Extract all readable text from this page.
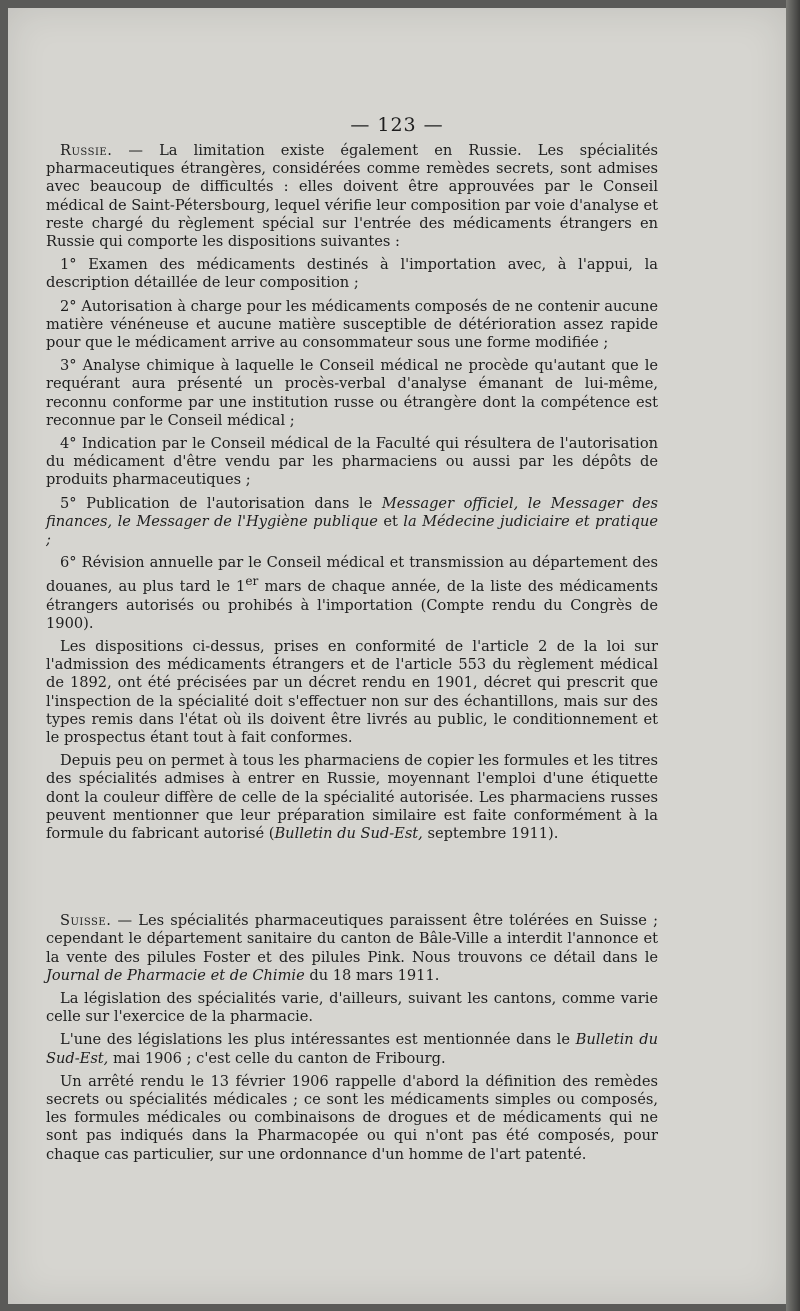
— 123 —

Russie. — La limitation existe également en Russie. Les spécialités pharmaceutiques étrangères, considérées comme remèdes secrets, sont admises avec beaucoup de difficultés : elles doivent être approuvées par le Conseil médical de Saint-Pétersbourg, lequel vérifie leur composition par voie d'analyse et reste chargé du règlement spécial sur l'entrée des médicaments étrangers en Russie qui comporte les dispositions suivantes :

1° Examen des médicaments destinés à l'importation avec, à l'appui, la description détaillée de leur composition ;

2° Autorisation à charge pour les médicaments composés de ne contenir aucune matière vénéneuse et aucune matière susceptible de détérioration assez rapide pour que le médicament arrive au consommateur sous une forme modifiée ;

3° Analyse chimique à laquelle le Conseil médical ne procède qu'autant que le requérant aura présenté un procès-verbal d'analyse émanant de lui-même, reconnu conforme par une institution russe ou étrangère dont la compétence est reconnue par le Conseil médical ;

4° Indication par le Conseil médical de la Faculté qui résultera de l'autorisation du médicament d'être vendu par les pharmaciens ou aussi par les dépôts de produits pharmaceutiques ;

5° Publication de l'autorisation dans le Messager officiel, le Messager des finances, le Messager de l'Hygiène publique et la Médecine judiciaire et pratique ;

6° Révision annuelle par le Conseil médical et transmission au département des douanes, au plus tard le 1er mars de chaque année, de la liste des médicaments étrangers autorisés ou prohibés à l'importation (Compte rendu du Congrès de 1900).

Les dispositions ci-dessus, prises en conformité de l'article 2 de la loi sur l'admission des médicaments étrangers et de l'article 553 du règlement médical de 1892, ont été précisées par un décret rendu en 1901, décret qui prescrit que l'inspection de la spécialité doit s'effectuer non sur des échantillons, mais sur des types remis dans l'état où ils doivent être livrés au public, le conditionnement et le prospectus étant tout à fait conformes.

Depuis peu on permet à tous les pharmaciens de copier les formules et les titres des spécialités admises à entrer en Russie, moyennant l'emploi d'une étiquette dont la couleur diffère de celle de la spécialité autorisée. Les pharmaciens russes peuvent mentionner que leur préparation similaire est faite conformément à la formule du fabricant autorisé (Bulletin du Sud-Est, septembre 1911).

Suisse. — Les spécialités pharmaceutiques paraissent être tolérées en Suisse ; cependant le département sanitaire du canton de Bâle-Ville a interdit l'annonce et la vente des pilules Foster et des pilules Pink. Nous trouvons ce détail dans le Journal de Pharmacie et de Chimie du 18 mars 1911.

La législation des spécialités varie, d'ailleurs, suivant les cantons, comme varie celle sur l'exercice de la pharmacie.

L'une des législations les plus intéressantes est mentionnée dans le Bulletin du Sud-Est, mai 1906 ; c'est celle du canton de Fribourg.

Un arrêté rendu le 13 février 1906 rappelle d'abord la définition des remèdes secrets ou spécialités médicales ; ce sont les médicaments simples ou composés, les formules médicales ou combinaisons de drogues et de médicaments qui ne sont pas indiqués dans la Pharmacopée ou qui n'ont pas été composés, pour chaque cas particulier, sur une ordonnance d'un homme de l'art patenté.
